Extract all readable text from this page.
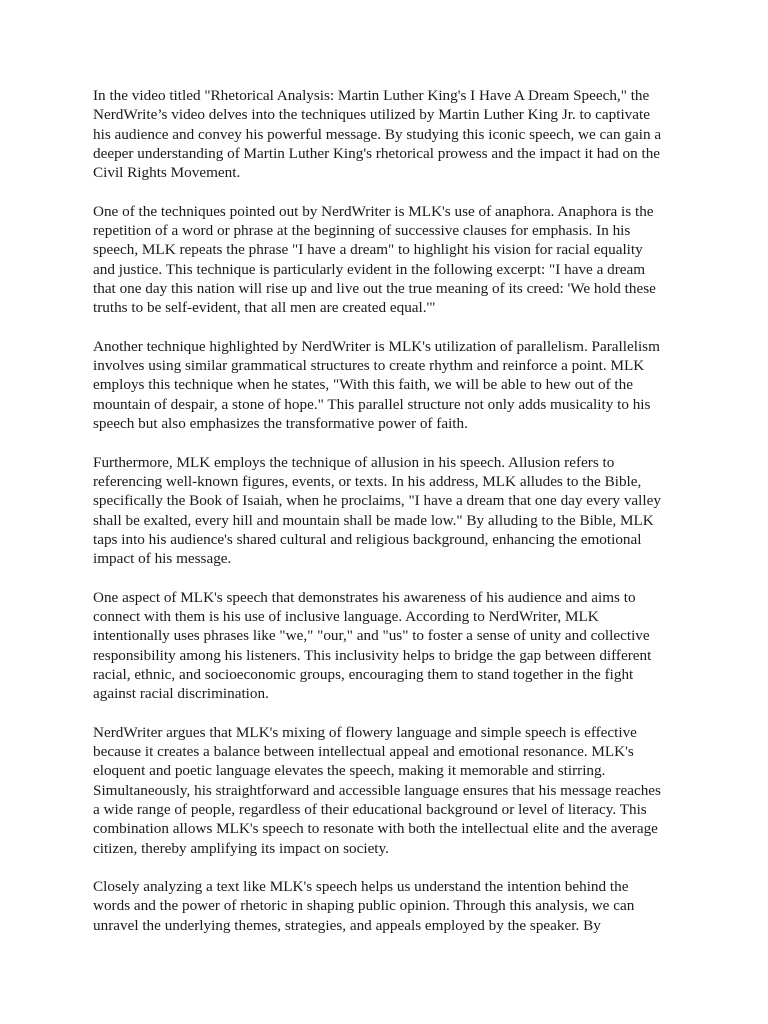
In the video titled "Rhetorical Analysis: Martin Luther King's I Have A Dream Speech," the
NerdWrite’s video delves into the techniques utilized by Martin Luther King Jr. to captivate
his audience and convey his powerful message. By studying this iconic speech, we can gain a
deeper understanding of Martin Luther King's rhetorical prowess and the impact it had on the
Civil Rights Movement.

One of the techniques pointed out by NerdWriter is MLK's use of anaphora. Anaphora is the
repetition of a word or phrase at the beginning of successive clauses for emphasis. In his
speech, MLK repeats the phrase "I have a dream" to highlight his vision for racial equality
and justice. This technique is particularly evident in the following excerpt: "I have a dream
that one day this nation will rise up and live out the true meaning of its creed: 'We hold these
truths to be self-evident, that all men are created equal.'"

Another technique highlighted by NerdWriter is MLK's utilization of parallelism. Parallelism
involves using similar grammatical structures to create rhythm and reinforce a point. MLK
employs this technique when he states, "With this faith, we will be able to hew out of the
mountain of despair, a stone of hope." This parallel structure not only adds musicality to his
speech but also emphasizes the transformative power of faith.

Furthermore, MLK employs the technique of allusion in his speech. Allusion refers to
referencing well-known figures, events, or texts. In his address, MLK alludes to the Bible,
specifically the Book of Isaiah, when he proclaims, "I have a dream that one day every valley
shall be exalted, every hill and mountain shall be made low." By alluding to the Bible, MLK
taps into his audience's shared cultural and religious background, enhancing the emotional
impact of his message.

One aspect of MLK's speech that demonstrates his awareness of his audience and aims to
connect with them is his use of inclusive language. According to NerdWriter, MLK
intentionally uses phrases like "we," "our," and "us" to foster a sense of unity and collective
responsibility among his listeners. This inclusivity helps to bridge the gap between different
racial, ethnic, and socioeconomic groups, encouraging them to stand together in the fight
against racial discrimination.

NerdWriter argues that MLK's mixing of flowery language and simple speech is effective
because it creates a balance between intellectual appeal and emotional resonance. MLK's
eloquent and poetic language elevates the speech, making it memorable and stirring.
Simultaneously, his straightforward and accessible language ensures that his message reaches
a wide range of people, regardless of their educational background or level of literacy. This
combination allows MLK's speech to resonate with both the intellectual elite and the average
citizen, thereby amplifying its impact on society.

Closely analyzing a text like MLK's speech helps us understand the intention behind the
words and the power of rhetoric in shaping public opinion. Through this analysis, we can
unravel the underlying themes, strategies, and appeals employed by the speaker. By
